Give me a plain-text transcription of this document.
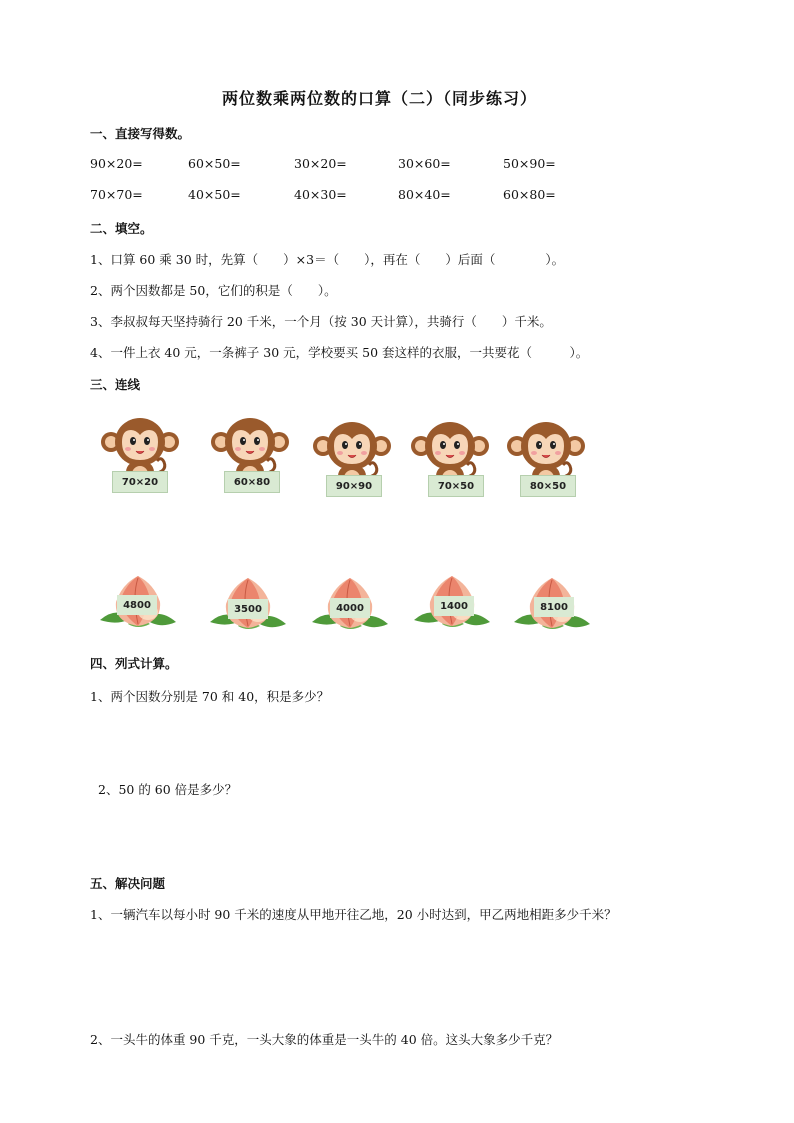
两位数乘两位数的口算（二）（同步练习）
一、直接写得数。
90×20=	60×50=	30×20=	30×60=	50×90=
70×70=	40×50=	40×30=	80×40=	60×80=
二、填空。
1、口算 60 乘 30 时，先算（　　）×3＝（　　），再在（　　）后面（　　　　）。
2、两个因数都是 50，它们的积是（　　）。
3、李叔叔每天坚持骑行 20 千米，一个月（按 30 天计算），共骑行（　　）千米。
4、一件上衣 40 元，一条裤子 30 元，学校要买 50 套这样的衣服，一共要花（　　　）。
三、连线
70×20	60×80	90×90	70×50	80×50
4800	3500	4000	1400	8100
四、列式计算。
1、两个因数分别是 70 和 40，积是多少？
2、50 的 60 倍是多少？
五、解决问题
1、一辆汽车以每小时 90 千米的速度从甲地开往乙地，20 小时达到，甲乙两地相距多少千米？
2、一头牛的体重 90 千克，一头大象的体重是一头牛的 40 倍。这头大象多少千克？
